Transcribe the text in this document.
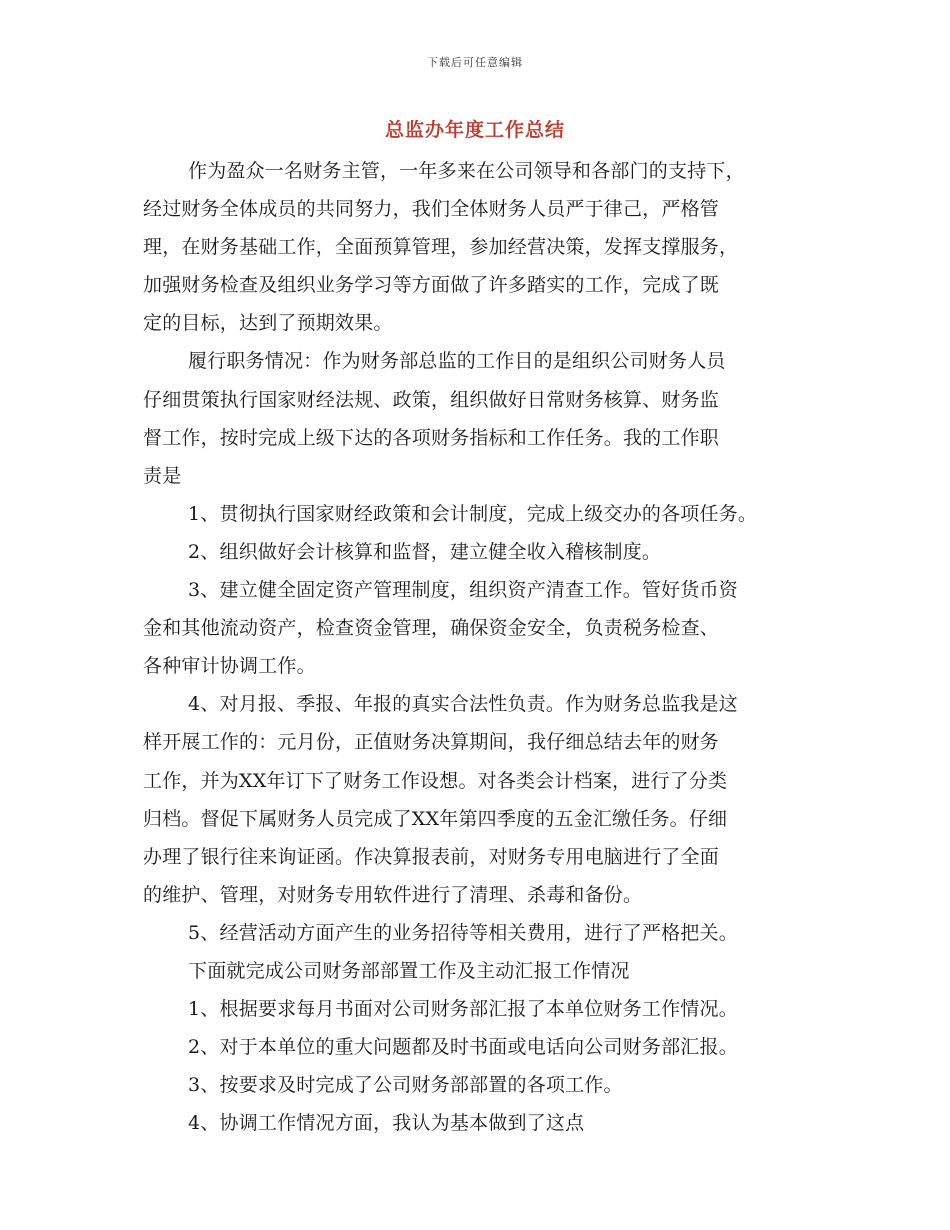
下载后可任意编辑
总监办年度工作总结
作为盈众一名财务主管，一年多来在公司领导和各部门的支持下，
经过财务全体成员的共同努力，我们全体财务人员严于律己，严格管
理，在财务基础工作，全面预算管理，参加经营决策，发挥支撑服务，
加强财务检查及组织业务学习等方面做了许多踏实的工作，完成了既
定的目标，达到了预期效果。
履行职务情况：作为财务部总监的工作目的是组织公司财务人员
仔细贯策执行国家财经法规、政策，组织做好日常财务核算、财务监
督工作，按时完成上级下达的各项财务指标和工作任务。我的工作职
责是
1、贯彻执行国家财经政策和会计制度，完成上级交办的各项任务。
2、组织做好会计核算和监督，建立健全收入稽核制度。
3、建立健全固定资产管理制度，组织资产清查工作。管好货币资
金和其他流动资产，检查资金管理，确保资金安全，负责税务检查、
各种审计协调工作。
4、对月报、季报、年报的真实合法性负责。作为财务总监我是这
样开展工作的：元月份，正值财务决算期间，我仔细总结去年的财务
工作，并为XX年订下了财务工作设想。对各类会计档案，进行了分类
归档。督促下属财务人员完成了XX年第四季度的五金汇缴任务。仔细
办理了银行往来询证函。作决算报表前，对财务专用电脑进行了全面
的维护、管理，对财务专用软件进行了清理、杀毒和备份。
5、经营活动方面产生的业务招待等相关费用，进行了严格把关。
下面就完成公司财务部部置工作及主动汇报工作情况
1、根据要求每月书面对公司财务部汇报了本单位财务工作情况。
2、对于本单位的重大问题都及时书面或电话向公司财务部汇报。
3、按要求及时完成了公司财务部部置的各项工作。
4、协调工作情况方面，我认为基本做到了这点
